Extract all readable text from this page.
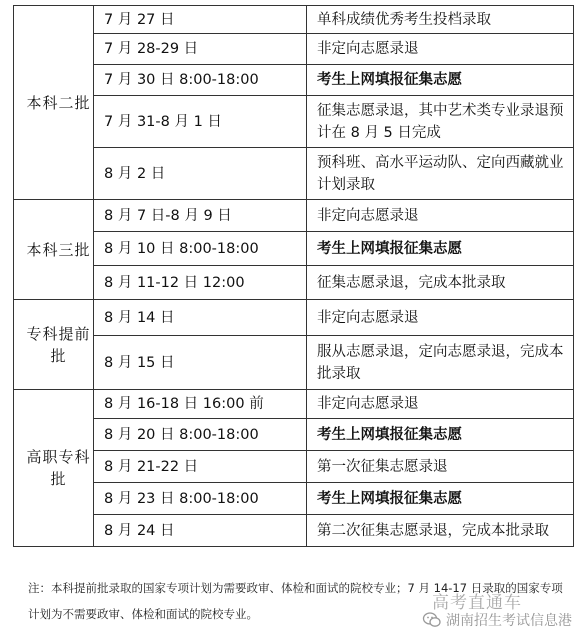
本科二批	7 月 27 日	单科成绩优秀考生投档录取
	7 月 28-29 日	非定向志愿录退
	7 月 30 日 8:00-18:00	考生上网填报征集志愿
	7 月 31-8 月 1 日	征集志愿录退，其中艺术类专业录退预计在 8 月 5 日完成
	8 月 2 日	预科班、高水平运动队、定向西藏就业计划录取
本科三批	8 月 7 日-8 月 9 日	非定向志愿录退
	8 月 10 日 8:00-18:00	考生上网填报征集志愿
	8 月 11-12 日 12:00	征集志愿录退，完成本批录取
专科提前批	8 月 14 日	非定向志愿录退
	8 月 15 日	服从志愿录退，定向志愿录退，完成本批录取
高职专科　批	8 月 16-18 日 16:00 前	非定向志愿录退
	8 月 20 日 8:00-18:00	考生上网填报征集志愿
	8 月 21-22 日	第一次征集志愿录退
	8 月 23 日 8:00-18:00	考生上网填报征集志愿
	8 月 24 日	第二次征集志愿录退，完成本批录取
注：本科提前批录取的国家专项计划为需要政审、体检和面试的院校专业；7 月 14-17 日录取的国家专项计划为不需要政审、体检和面试的院校专业。
高考直通车
湖南招生考试信息港
